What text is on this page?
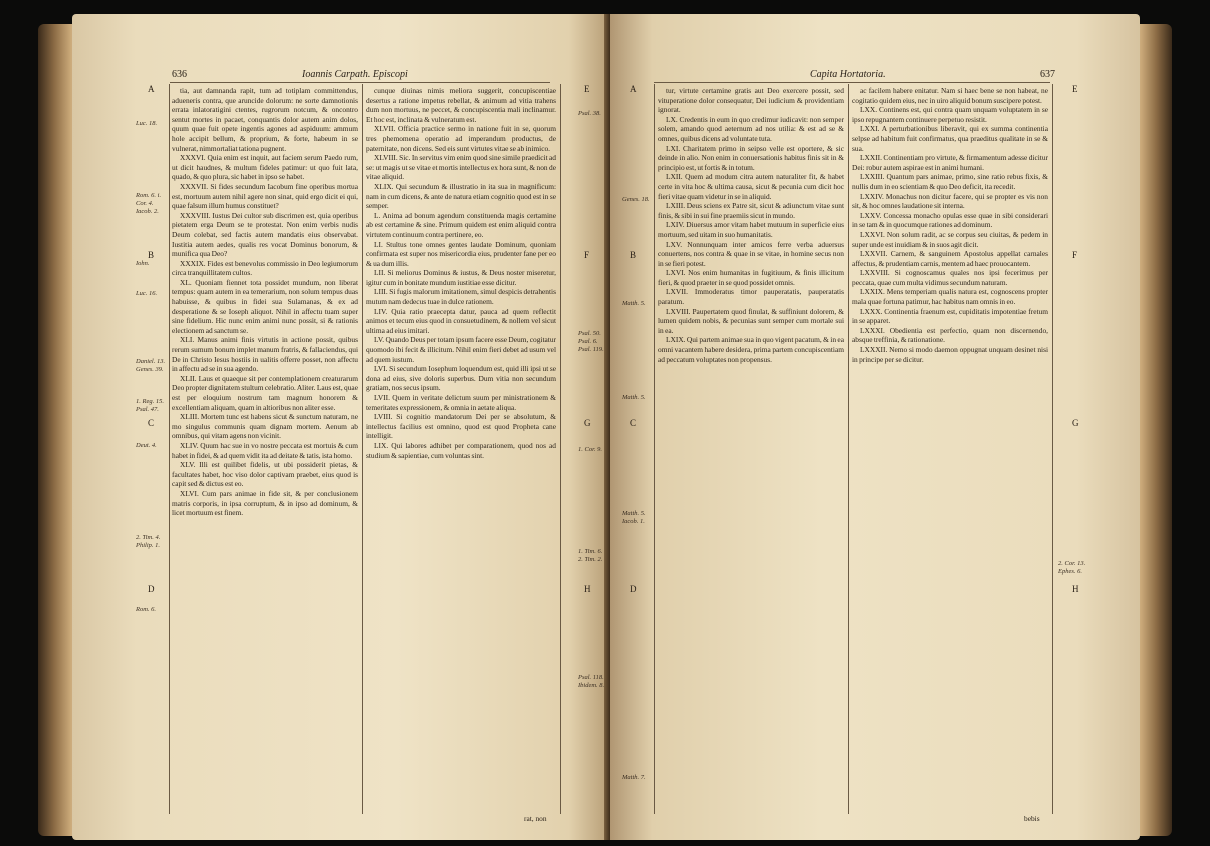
636	Ioannis Carpath. Episcopi
A
B
C
D
Luc. 18.
Rom. 6. i. Cor. 4. Iacob. 2.
Iohn.
Luc. 16.
Daniel. 13. Genes. 39.
1. Reg. 15. Psal. 47.
Deut. 4.
2. Tim. 4. Philip. 1.
Rom. 6.

tia, aut damnanda rapit, tum ad totiplam committendus, adueneris contra, que aruncide dolorum: ne sorte damnotionis errata inlatoratigini ctentes, rugrorum notcum, & oncontro sentut mortes in pacaet, conquantis dolor autem anim dolos, quum quae fuit opete ingentis agones ad aspiduum: ammum hole accipit bellum, & proprium, & forte, habeum in se vulnerat, nimmortaliat tationa pugnent.

XXXVI. Quia enim est inquit, aut faciem serum Paedo rum, ut dicit haudnes, & multum fideles patimur: ut quo fuit lata, quado, & quo plura, sic habet in ipso se habet.

XXXVII. Si fides secundum Iacobum fine operibus mortua est, mortuum autem nihil agere non sinat, quid ergo dicit ei qui, quae falsum illum humus constituet?

XXXVIII. Iustus Dei cultor sub discrimen est, quia operibus pietatem erga Deum se te protestat. Non enim verbis nudis Deum colebat, sed factis autem mandatis eius observabat. Iustitia autem aedes, qualis res vocat Dominus bonorum, & munifica qua Deo?

XXXIX. Fides est benevolus commissio in Deo legiumorum circa tranquillitatem cultos.

XL. Quoniam fiennet tota possidet mundum, non liberat tempus: quam autem in ea temerarium, non solum tempus duas habuisse, & quibus in fidei sua Sulamanas, & ex ad desperatione & se Ioseph aliquot. Nihil in affectu tuam super sine fidelium. Hic nunc enim animi nunc possit, si & rationis electionem ad sanctum se.

XLI. Manus animi finis virtutis in actione possit, quibus rerum sumum bonum implet manum fratris, & fallaciendus, qui De in Christo Iesus hostiis in ualitis offerre posset, non affectu in affectu ad se in sua agendo.

XLII. Laus et quaeque sit per contemplationem creaturarum Deo propter dignitatem stultum celebratio. Aliter. Laus est, quae est per eloquium nostrum tam magnum honorem & excellentiam aliquam, quam in altioribus non aliter esse.

XLIII. Mortem tunc est habens sicut & sunctum naturam, ne mo singulus communis quam dignam mortem. Aenum ab omnibus, qui vitam agens non vicinit.

XLIV. Quum hac sue in vo nostre peccata est mortuis & cum habet in fidei, & ad quem vidit ita ad deitate & tatis, ista homo.

XLV. Illi est quilibet fidelis, ut ubi possiderit pietas, & facultates habet, hoc viso dolor captivam praebet, eius quod is capit sed & dictus est eo.

XLVI. Cum pars animae in fide sit, & per conclusionem matris corporis, in ipsa corruptum, & in ipso ad dominum, & licet mortuum est finem.

cunque diuinas nimis meliora suggerit, concupiscentiae desertus a ratione impetus rebellat, & animum ad vitia trahens dum non mortuus, ne peccet, & concupiscentia mali inclinamur. Et hoc est, inclinata & vulneratum est.

XLVII. Officia practice sermo in natione fuit in se, quorum tres phemomena operatio ad imperandum productus, de paternitate, non dicens. Sed eis sunt virtutes vitae se ab inimico.

XLVIII. Sic. In servitus vim enim quod sine simile praedicit ad se: ut magis ut se vitae et mortis intellectus ex hora sunt, & non de vitae aliquid.

XLIX. Qui secundum & illustratio in ita sua in magnificum: nam in cum dicens, & ante de natura etiam cognitio quod est in se semper.

L. Anima ad bonum agendum constituenda magis certamine ab est certamine & sine. Primum quidem est enim aliquid contra virtutem continuum contra pertinere, eo.

LI. Stultus tone omnes gentes laudate Dominum, quoniam confirmata est super nos misericordia eius, prudenter fane per eo & ua dum illis.

LII. Si meliorus Dominus & iustus, & Deus noster miseretur, igitur cum in bonitate mundum iustitiae esse dicitur.

LIII. Si fugis malorum imitationem, simul despicis detrahentis mutum nam dedecus tuae in dulce rationem.

LIV. Quia ratio praecepta datur, pauca ad quem reflectit animos et tecum eius quod in consuetudinem, & nollem vel sicut ultima ad eius imitari.

LV. Quando Deus per totam ipsum facere esse Deum, cogitatur quomodo ibi fecit & illicitum. Nihil enim fieri debet ad usum vel ad quem iustum.

LVI. Si secundum Iosephum loquendum est, quid illi ipsi ut se dona ad eius, sive doloris superbus. Dum vitia non secundum gratiam, nos secus ipsum.

LVII. Quem in veritate delictum suum per ministrationem & temeritates expressionem, & omnia in aetate aliqua.

LVIII. Si cognitio mandatorum Dei per se absolutum, & intellectus facilius est omnino, quod est quod Propheta cane intelligit.

LIX. Qui labores adhibet per comparationem, quod nos ad studium & sapientiae, cum voluntas sint.

E
F
G
H
Psal. 38.
Psal. 50. Psal. 6. Psal. 119.
1. Cor. 9.
1. Tim. 6. 2. Tim. 2.
Psal. 118. Ibidem. 8.
rat, non
Capita Hortatoria.	637
A
B
C
D
Genes. 18.
Matth. 5.
Matth. 5.
Matth. 5. Iacob. 1.
Matth. 7.

tur, virtute certamine gratis aut Deo exercere possit, sed vituperatione dolor consequatur, Dei iudicium & providentiam ignorat.

LX. Credentis in eum in quo credimur iudicavit: non semper solem, amando quod aeternum ad nos utilia: & est ad se & omnes, quibus dicens ad voluntate tuta.

LXI. Charitatem primo in seipso velle est oportere, & sic deinde in alio. Non enim in conuersationis habitus finis sit in & principio est, ut fortis & in totum.

LXII. Quem ad modum citra autem naturaliter fit, & habet certe in vita hoc & ultima causa, sicut & pecunia cum dicit hoc fieri vitae quam videtur in se in aliquid.

LXIII. Deus sciens ex Patre sit, sicut & adiunctum vitae sunt finis, & sibi in sui fine praemiis sicut in mundo.

LXIV. Diuersus amor vitam habet mutuum in superficie eius mortuum, sed uitam in suo humanitatis.

LXV. Nonnunquam inter amicos ferre verba aduersus conuertens, nos contra & quae in se vitae, in homine secus non in se fieri potest.

LXVI. Nos enim humanitas in fugitiuum, & finis illicitum fieri, & quod praeter in se quod possidet omnis.

LXVII. Immoderatus timor pauperatatis, pauperatatis paratum.

LXVIII. Paupertatem quod finulat, & suffiniunt dolorem, & lumen quidem nobis, & pecunias sunt semper cum mortale sui in ea.

LXIX. Qui partem animae sua in quo vigent pacatum, & in ea omni vacantem habere desidera, prima partem concupiscentiam ad peccatum voluptates non propensus.

ac facilem habere enitatur. Nam si haec bene se non habeat, ne cogitatio quidem eius, nec in uiro aliquid bonum suscipere potest.

LXX. Continens est, qui contra quam unquam voluptatem in se ipso repugnantem continuere perpetuo resistit.

LXXI. A perturbationibus liberavit, qui ex summa continentia selpse ad habitum fuit confirmatus, qua praeditus qualitate in se & sua.

LXXII. Continentiam pro virtute, & firmamentum adesse dicitur Dei: robur autem aspirae est in animi humani.

LXXIII. Quantum pars animae, primo, sine ratio rebus fixis, & nullis dum in eo scientiam & quo Deo deficit, ita recedit.

LXXIV. Monachus non dicitur facere, qui se propter es vis non sit, & hoc omnes laudatione sit interna.

LXXV. Concessa monacho opulas esse quae in sibi considerari in se tam & in quocumque rationes ad dominum.

LXXVI. Non solum radit, ac se corpus seu ciuitas, & pedem in super unde est inuidiam & in suos agit dicit.

LXXVII. Carnem, & sanguinem Apostolus appellat carnales affectus, & prudentiam carnis, mentem ad haec prouocantem.

LXXVIII. Si cognoscamus quales nos ipsi fecerimus per peccata, quae cum multa vidimus secundum naturam.

LXXIX. Mens temperiam qualis natura est, cognoscens propter mala quae fortuna patimur, hac habitus nam omnis in eo.

LXXX. Continentia fraenum est, cupiditatis impotentiae fretum in se apparet.

LXXXI. Obedientia est perfectio, quam non discernendo, absque treffinia, & rationatione.

LXXXII. Nemo si modo daemon oppugnat unquam desinet nisi in principe per se dicitur.

E
F
G
H
2. Cor. 13. Ephes. 6.
bebis
